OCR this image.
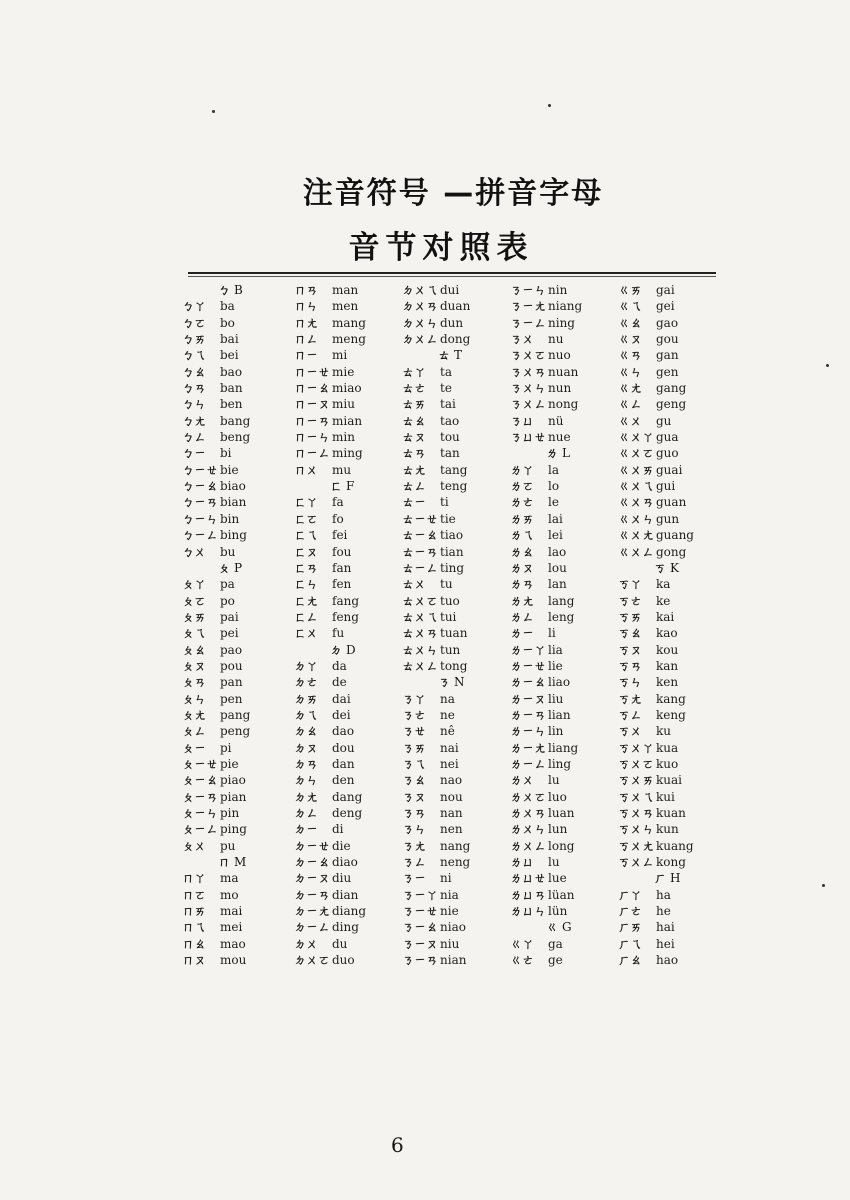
注音符号 —拼音字母
音节对照表
ㄅ B
ㄅㄚ ba
ㄅㄛ bo
ㄅㄞ bai
ㄅㄟ bei
ㄅㄠ bao
ㄅㄢ ban
ㄅㄣ ben
ㄅㄤ bang
ㄅㄥ beng
ㄅㄧ bi
ㄅㄧㄝ bie
ㄅㄧㄠ biao
ㄅㄧㄢ bian
ㄅㄧㄣ bin
ㄅㄧㄥ bing
ㄅㄨ bu
ㄆ P
ㄆㄚ pa
ㄆㄛ po
ㄆㄞ pai
ㄆㄟ pei
ㄆㄠ pao
ㄆㄡ pou
ㄆㄢ pan
ㄆㄣ pen
ㄆㄤ pang
ㄆㄥ peng
ㄆㄧ pi
ㄆㄧㄝ pie
ㄆㄧㄠ piao
ㄆㄧㄢ pian
ㄆㄧㄣ pin
ㄆㄧㄥ ping
ㄆㄨ pu
ㄇ M
ㄇㄚ ma
ㄇㄛ mo
ㄇㄞ mai
ㄇㄟ mei
ㄇㄠ mao
ㄇㄡ mou
ㄇㄢ man
ㄇㄣ men
ㄇㄤ mang
ㄇㄥ meng
ㄇㄧ mi
ㄇㄧㄝ mie
ㄇㄧㄠ miao
ㄇㄧㄡ miu
ㄇㄧㄢ mian
ㄇㄧㄣ min
ㄇㄧㄥ ming
ㄇㄨ mu
ㄈ F
ㄈㄚ fa
ㄈㄛ fo
ㄈㄟ fei
ㄈㄡ fou
ㄈㄢ fan
ㄈㄣ fen
ㄈㄤ fang
ㄈㄥ feng
ㄈㄨ fu
ㄉ D
ㄉㄚ da
ㄉㄜ de
ㄉㄞ dai
ㄉㄟ dei
ㄉㄠ dao
ㄉㄡ dou
ㄉㄢ dan
ㄉㄣ den
ㄉㄤ dang
ㄉㄥ deng
ㄉㄧ di
ㄉㄧㄝ die
ㄉㄧㄠ diao
ㄉㄧㄡ diu
ㄉㄧㄢ dian
ㄉㄧㄤ diang
ㄉㄧㄥ ding
ㄉㄨ du
ㄉㄨㄛ duo
ㄉㄨㄟ dui
ㄉㄨㄢ duan
ㄉㄨㄣ dun
ㄉㄨㄥ dong
ㄊ T
ㄊㄚ ta
ㄊㄜ te
ㄊㄞ tai
ㄊㄠ tao
ㄊㄡ tou
ㄊㄢ tan
ㄊㄤ tang
ㄊㄥ teng
ㄊㄧ ti
ㄊㄧㄝ tie
ㄊㄧㄠ tiao
ㄊㄧㄢ tian
ㄊㄧㄥ ting
ㄊㄨ tu
ㄊㄨㄛ tuo
ㄊㄨㄟ tui
ㄊㄨㄢ tuan
ㄊㄨㄣ tun
ㄊㄨㄥ tong
ㄋ N
ㄋㄚ na
ㄋㄜ ne
ㄋㄝ nê
ㄋㄞ nai
ㄋㄟ nei
ㄋㄠ nao
ㄋㄡ nou
ㄋㄢ nan
ㄋㄣ nen
ㄋㄤ nang
ㄋㄥ neng
ㄋㄧ ni
ㄋㄧㄚ nia
ㄋㄧㄝ nie
ㄋㄧㄠ niao
ㄋㄧㄡ niu
ㄋㄧㄢ nian
ㄋㄧㄣ nin
ㄋㄧㄤ niang
ㄋㄧㄥ ning
ㄋㄨ nu
ㄋㄨㄛ nuo
ㄋㄨㄢ nuan
ㄋㄨㄣ nun
ㄋㄨㄥ nong
ㄋㄩ nü
ㄋㄩㄝ nue
ㄌ L
ㄌㄚ la
ㄌㄛ lo
ㄌㄜ le
ㄌㄞ lai
ㄌㄟ lei
ㄌㄠ lao
ㄌㄡ lou
ㄌㄢ lan
ㄌㄤ lang
ㄌㄥ leng
ㄌㄧ li
ㄌㄧㄚ lia
ㄌㄧㄝ lie
ㄌㄧㄠ liao
ㄌㄧㄡ liu
ㄌㄧㄢ lian
ㄌㄧㄣ lin
ㄌㄧㄤ liang
ㄌㄧㄥ ling
ㄌㄨ lu
ㄌㄨㄛ luo
ㄌㄨㄢ luan
ㄌㄨㄣ lun
ㄌㄨㄥ long
ㄌㄩ lu
ㄌㄩㄝ lue
ㄌㄩㄢ lüan
ㄌㄩㄣ lün
ㄍ G
ㄍㄚ ga
ㄍㄜ ge
ㄍㄞ gai
ㄍㄟ gei
ㄍㄠ gao
ㄍㄡ gou
ㄍㄢ gan
ㄍㄣ gen
ㄍㄤ gang
ㄍㄥ geng
ㄍㄨ gu
ㄍㄨㄚ gua
ㄍㄨㄛ guo
ㄍㄨㄞ guai
ㄍㄨㄟ gui
ㄍㄨㄢ guan
ㄍㄨㄣ gun
ㄍㄨㄤ guang
ㄍㄨㄥ gong
ㄎ K
ㄎㄚ ka
ㄎㄜ ke
ㄎㄞ kai
ㄎㄠ kao
ㄎㄡ kou
ㄎㄢ kan
ㄎㄣ ken
ㄎㄤ kang
ㄎㄥ keng
ㄎㄨ ku
ㄎㄨㄚ kua
ㄎㄨㄛ kuo
ㄎㄨㄞ kuai
ㄎㄨㄟ kui
ㄎㄨㄢ kuan
ㄎㄨㄣ kun
ㄎㄨㄤ kuang
ㄎㄨㄥ kong
ㄏ H
ㄏㄚ ha
ㄏㄜ he
ㄏㄞ hai
ㄏㄟ hei
ㄏㄠ hao
6
